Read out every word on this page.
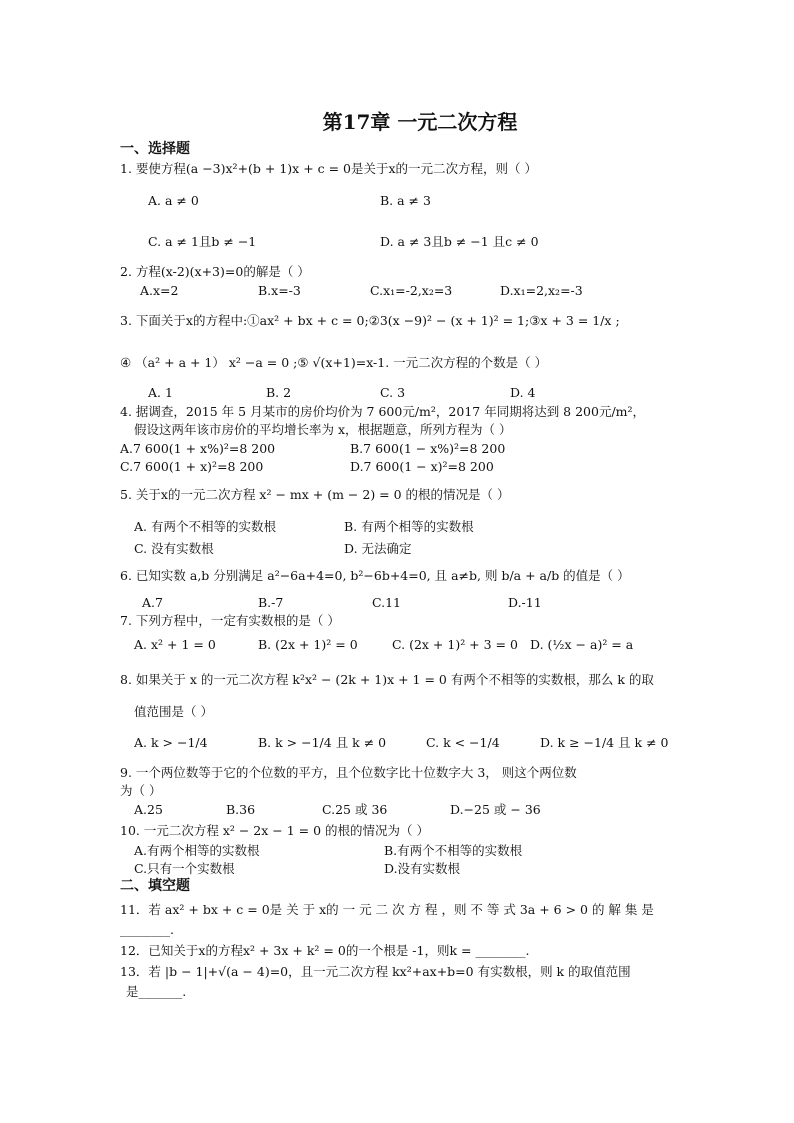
第17章 一元二次方程
一、选择题
1. 要使方程(a −3)x²+(b + 1)x + c = 0是关于x的一元二次方程，则（ ）
A. a ≠ 0	B. a ≠ 3
C. a ≠ 1且b ≠ −1	D. a ≠ 3且b ≠ −1 且c ≠ 0
2. 方程(x-2)(x+3)=0的解是（ ）
A.x=2	B.x=-3	C.x₁=-2,x₂=3	D.x₁=2,x₂=-3
3. 下面关于x的方程中:①ax² + bx + c = 0;②3(x −9)² − (x + 1)² = 1;③x + 3 = 1/x ;
④ （a² + a + 1） x² −a = 0 ;⑤ √(x+1)=x-1. 一元二次方程的个数是（ ）
A. 1	B. 2	C. 3	D. 4
4. 据调查，2015 年 5 月某市的房价均价为 7 600元/m²，2017 年同期将达到 8 200元/m²，
假设这两年该市房价的平均增长率为 x，根据题意，所列方程为（ ）
A.7 600(1 + x%)²=8 200	B.7 600(1 − x%)²=8 200
C.7 600(1 + x)²=8 200	D.7 600(1 − x)²=8 200
5. 关于x的一元二次方程 x² − mx + (m − 2) = 0 的根的情况是（ ）
A. 有两个不相等的实数根	B. 有两个相等的实数根
C. 没有实数根	D. 无法确定
6. 已知实数 a,b 分别满足 a²−6a+4=0, b²−6b+4=0, 且 a≠b, 则 b/a + a/b 的值是（ ）
A.7	B.-7	C.11	D.-11
7. 下列方程中，一定有实数根的是（ ）
A. x² + 1 = 0	B. (2x + 1)² = 0	C. (2x + 1)² + 3 = 0 D. (½x − a)² = a
8. 如果关于 x 的一元二次方程 k²x² − (2k + 1)x + 1 = 0 有两个不相等的实数根，那么 k 的取
值范围是（ ）
A. k > −1/4	B. k > −1/4 且 k ≠ 0	C. k < −1/4	D. k ≥ −1/4 且 k ≠ 0
9. 一个两位数等于它的个位数的平方，且个位数字比十位数字大 3， 则这个两位数
为（ ）
A.25	B.36	C.25 或 36	D.−25 或 − 36
10. 一元二次方程 x² − 2x − 1 = 0 的根的情况为（ ）
A.有两个相等的实数根	B.有两个不相等的实数根
C.只有一个实数根	D.没有实数根
二、填空题
11．若 ax² + bx + c = 0是 关 于 x的 一 元 二 次 方 程 ，则 不 等 式 3a + 6 > 0 的 解 集 是
________.
12．已知关于x的方程x² + 3x + k² = 0的一个根是 -1，则k = ________.
13．若 |b − 1|+√(a − 4)=0，且一元二次方程 kx²+ax+b=0 有实数根，则 k 的取值范围
是_______.
